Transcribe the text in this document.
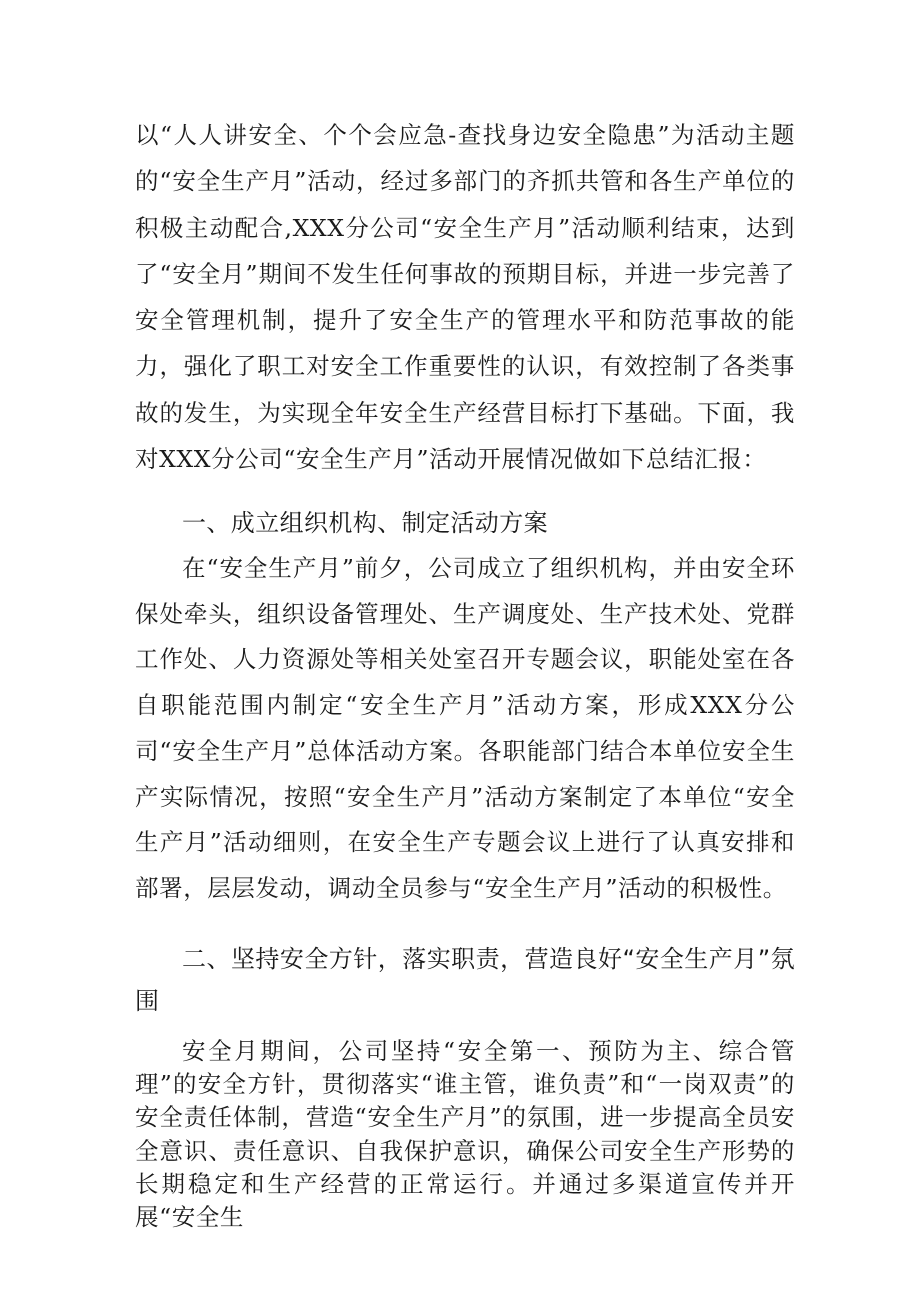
以“人人讲安全、个个会应急-查找身边安全隐患”为活动主题的“安全生产月”活动，经过多部门的齐抓共管和各生产单位的积极主动配合,XXX分公司“安全生产月”活动顺利结束，达到了“安全月”期间不发生任何事故的预期目标，并进一步完善了安全管理机制，提升了安全生产的管理水平和防范事故的能力，强化了职工对安全工作重要性的认识，有效控制了各类事故的发生，为实现全年安全生产经营目标打下基础。下面，我对XXX分公司“安全生产月”活动开展情况做如下总结汇报：

一、成立组织机构、制定活动方案

在“安全生产月”前夕，公司成立了组织机构，并由安全环保处牵头，组织设备管理处、生产调度处、生产技术处、党群工作处、人力资源处等相关处室召开专题会议，职能处室在各自职能范围内制定“安全生产月”活动方案，形成XXX分公司“安全生产月”总体活动方案。各职能部门结合本单位安全生产实际情况，按照“安全生产月”活动方案制定了本单位“安全生产月”活动细则，在安全生产专题会议上进行了认真安排和部署，层层发动，调动全员参与“安全生产月”活动的积极性。

二、坚持安全方针，落实职责，营造良好“安全生产月”氛围

安全月期间，公司坚持“安全第一、预防为主、综合管理”的安全方针，贯彻落实“谁主管，谁负责”和“一岗双责”的安全责任体制，营造“安全生产月”的氛围，进一步提高全员安全意识、责任意识、自我保护意识，确保公司安全生产形势的长期稳定和生产经营的正常运行。并通过多渠道宣传并开展“安全生
